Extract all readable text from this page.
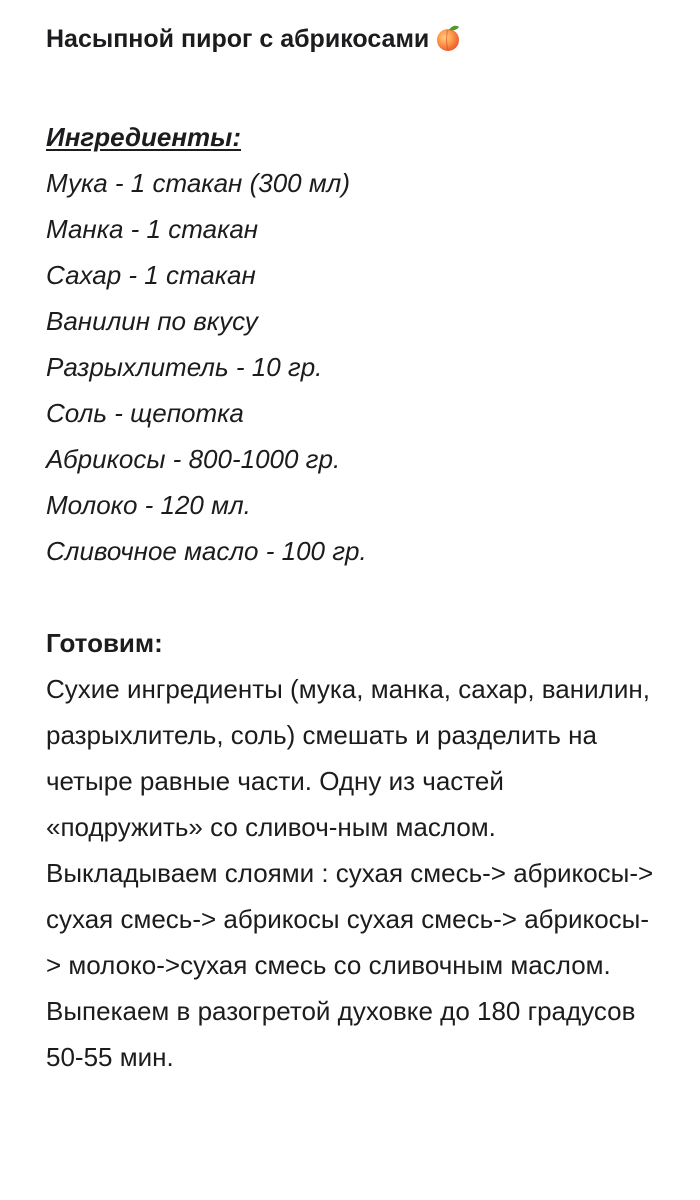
Насыпной пирог с абрикосами
Ингредиенты:
Мука - 1 стакан (300 мл)
Манка - 1 стакан
Сахар - 1 стакан
Ванилин по вкусу
Разрыхлитель - 10 гр.
Соль - щепотка
Абрикосы - 800-1000 гр.
Молоко - 120 мл.
Сливочное масло - 100 гр.
Готовим:

Сухие ингредиенты (мука, манка, сахар, ванилин, разрыхлитель, соль) смешать и разделить на четыре равные части. Одну из частей «подружить» со сливоч-ным маслом. Выкладываем слоями : сухая смесь-> абрикосы-> сухая смесь-> абрикосы сухая смесь-> абрикосы-> молоко->сухая смесь со сливочным маслом.

Выпекаем в разогретой духовке до 180 градусов 50-55 мин.
